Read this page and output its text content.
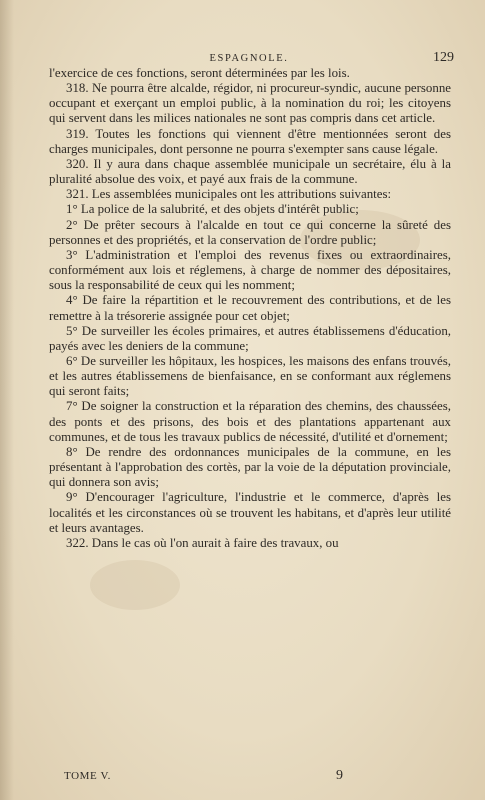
ESPAGNOLE.	129

l'exercice de ces fonctions, seront déterminées par les lois.

318. Ne pourra être alcalde, régidor, ni procureur-syndic, aucune personne occupant et exerçant un emploi public, à la nomination du roi; les citoyens qui servent dans les milices nationales ne sont pas compris dans cet article.

319. Toutes les fonctions qui viennent d'être mentionnées seront des charges municipales, dont personne ne pourra s'exempter sans cause légale.

320. Il y aura dans chaque assemblée municipale un secrétaire, élu à la pluralité absolue des voix, et payé aux frais de la commune.

321. Les assemblées municipales ont les attributions suivantes:

1° La police de la salubrité, et des objets d'intérêt public;

2° De prêter secours à l'alcalde en tout ce qui concerne la sûreté des personnes et des propriétés, et la conservation de l'ordre public;

3° L'administration et l'emploi des revenus fixes ou extraordinaires, conformément aux lois et réglemens, à charge de nommer des dépositaires, sous la responsabilité de ceux qui les nomment;

4° De faire la répartition et le recouvrement des contributions, et de les remettre à la trésorerie assignée pour cet objet;

5° De surveiller les écoles primaires, et autres établissemens d'éducation, payés avec les deniers de la commune;

6° De surveiller les hôpitaux, les hospices, les maisons des enfans trouvés, et les autres établissemens de bienfaisance, en se conformant aux réglemens qui seront faits;

7° De soigner la construction et la réparation des chemins, des chaussées, des ponts et des prisons, des bois et des plantations appartenant aux communes, et de tous les travaux publics de nécessité, d'utilité et d'ornement;

8° De rendre des ordonnances municipales de la commune, en les présentant à l'approbation des cortès, par la voie de la députation provinciale, qui donnera son avis;

9° D'encourager l'agriculture, l'industrie et le commerce, d'après les localités et les circonstances où se trouvent les habitans, et d'après leur utilité et leurs avantages.

322. Dans le cas où l'on aurait à faire des travaux, ou

TOME V.	9
